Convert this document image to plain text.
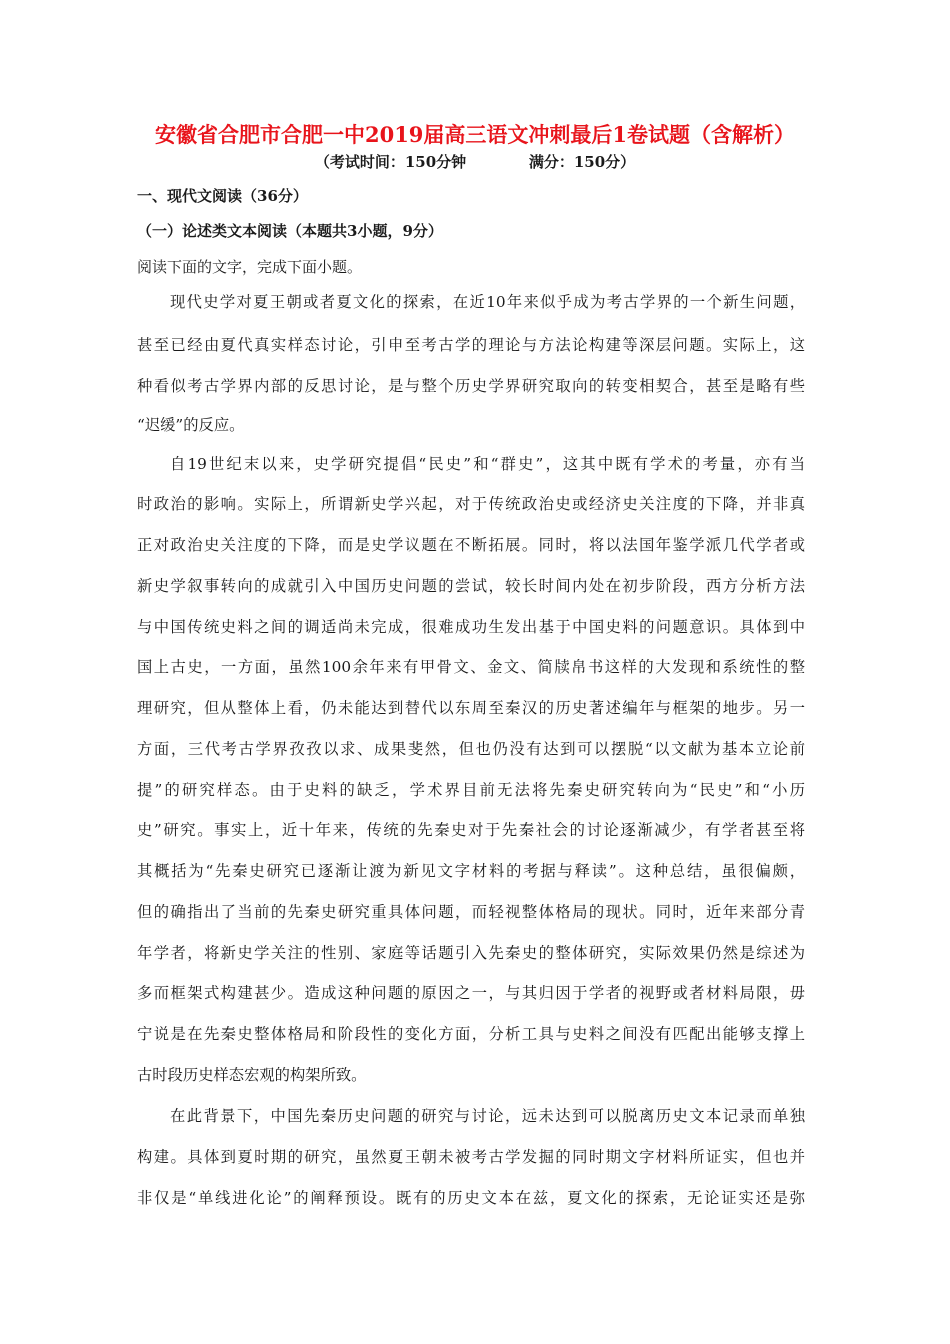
安徽省合肥市合肥一中2019届高三语文冲刺最后1卷试题（含解析）
（考试时间：150分钟            满分：150分）
一、现代文阅读（36分）
（一）论述类文本阅读（本题共3小题，9分）
阅读下面的文字，完成下面小题。
现代史学对夏王朝或者夏文化的探索，在近10年来似乎成为考古学界的一个新生问题，
甚至已经由夏代真实样态讨论，引申至考古学的理论与方法论构建等深层问题。实际上，这
种看似考古学界内部的反思讨论，是与整个历史学界研究取向的转变相契合，甚至是略有些
“迟缓”的反应。
自19世纪末以来，史学研究提倡“民史”和“群史”，这其中既有学术的考量，亦有当
时政治的影响。实际上，所谓新史学兴起，对于传统政治史或经济史关注度的下降，并非真
正对政治史关注度的下降，而是史学议题在不断拓展。同时，将以法国年鉴学派几代学者或
新史学叙事转向的成就引入中国历史问题的尝试，较长时间内处在初步阶段，西方分析方法
与中国传统史料之间的调适尚未完成，很难成功生发出基于中国史料的问题意识。具体到中
国上古史，一方面，虽然100余年来有甲骨文、金文、简牍帛书这样的大发现和系统性的整
理研究，但从整体上看，仍未能达到替代以东周至秦汉的历史著述编年与框架的地步。另一
方面，三代考古学界孜孜以求、成果斐然，但也仍没有达到可以摆脱“以文献为基本立论前
提”的研究样态。由于史料的缺乏，学术界目前无法将先秦史研究转向为“民史”和“小历
史”研究。事实上，近十年来，传统的先秦史对于先秦社会的讨论逐渐减少，有学者甚至将
其概括为“先秦史研究已逐渐让渡为新见文字材料的考据与释读”。这种总结，虽很偏颇，
但的确指出了当前的先秦史研究重具体问题，而轻视整体格局的现状。同时，近年来部分青
年学者，将新史学关注的性别、家庭等话题引入先秦史的整体研究，实际效果仍然是综述为
多而框架式构建甚少。造成这种问题的原因之一，与其归因于学者的视野或者材料局限，毋
宁说是在先秦史整体格局和阶段性的变化方面，分析工具与史料之间没有匹配出能够支撑上
古时段历史样态宏观的构架所致。
在此背景下，中国先秦历史问题的研究与讨论，远未达到可以脱离历史文本记录而单独
构建。具体到夏时期的研究，虽然夏王朝未被考古学发掘的同时期文字材料所证实，但也并
非仅是“单线进化论”的阐释预设。既有的历史文本在兹，夏文化的探索，无论证实还是弥
